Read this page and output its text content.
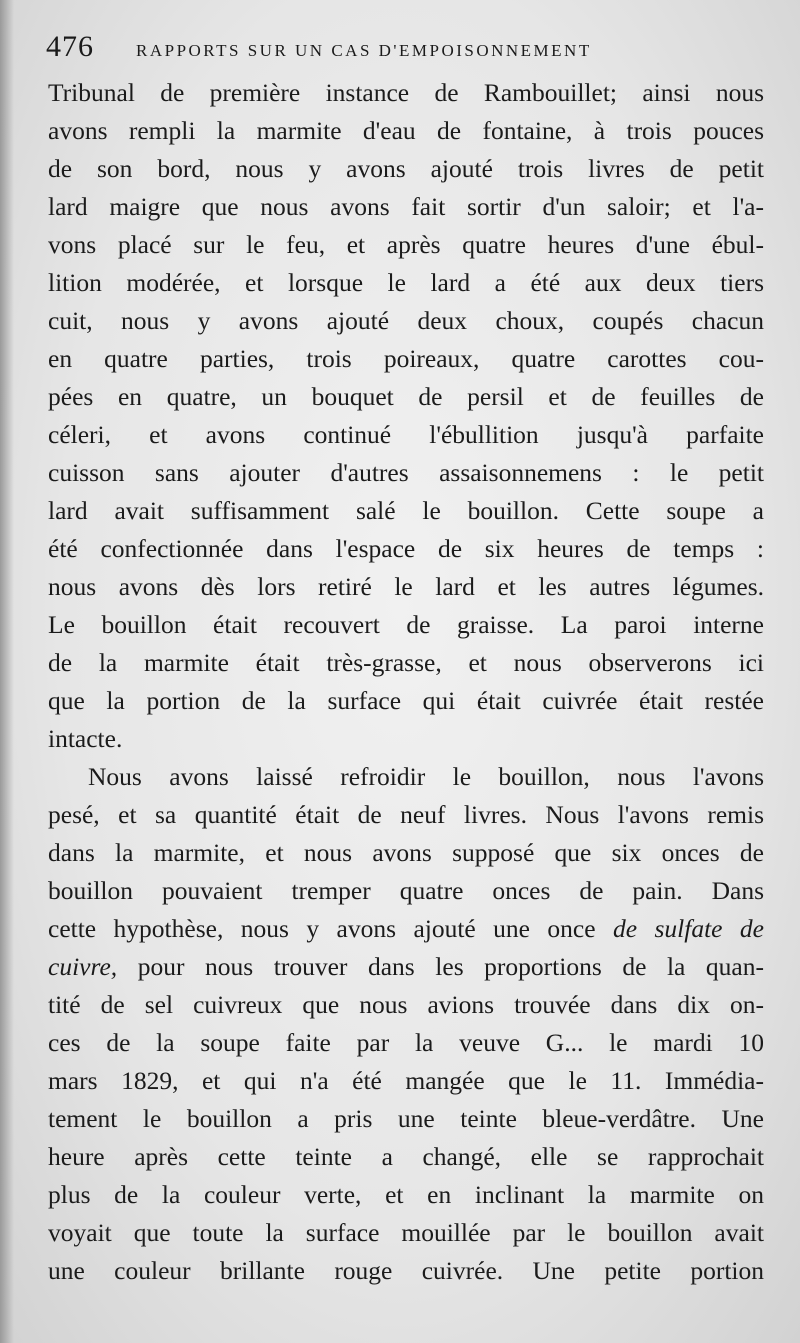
476	RAPPORTS SUR UN CAS D'EMPOISONNEMENT
Tribunal de première instance de Rambouillet; ainsi nous
avons rempli la marmite d'eau de fontaine, à trois pouces
de son bord, nous y avons ajouté trois livres de petit
lard maigre que nous avons fait sortir d'un saloir; et l'a-
vons placé sur le feu, et après quatre heures d'une ébul-
lition modérée, et lorsque le lard a été aux deux tiers
cuit, nous y avons ajouté deux choux, coupés chacun
en quatre parties, trois poireaux, quatre carottes cou-
pées en quatre, un bouquet de persil et de feuilles de
céleri, et avons continué l'ébullition jusqu'à parfaite
cuisson sans ajouter d'autres assaisonnemens : le petit
lard avait suffisamment salé le bouillon. Cette soupe a
été confectionnée dans l'espace de six heures de temps :
nous avons dès lors retiré le lard et les autres légumes.
Le bouillon était recouvert de graisse. La paroi interne
de la marmite était très-grasse, et nous observerons ici
que la portion de la surface qui était cuivrée était restée
intacte.
Nous avons laissé refroidir le bouillon, nous l'avons
pesé, et sa quantité était de neuf livres. Nous l'avons remis
dans la marmite, et nous avons supposé que six onces de
bouillon pouvaient tremper quatre onces de pain. Dans
cette hypothèse, nous y avons ajouté une once de sulfate de
cuivre, pour nous trouver dans les proportions de la quan-
tité de sel cuivreux que nous avions trouvée dans dix on-
ces de la soupe faite par la veuve G... le mardi 10
mars 1829, et qui n'a été mangée que le 11. Immédia-
tement le bouillon a pris une teinte bleue-verdâtre. Une
heure après cette teinte a changé, elle se rapprochait
plus de la couleur verte, et en inclinant la marmite on
voyait que toute la surface mouillée par le bouillon avait
une couleur brillante rouge cuivrée. Une petite portion
